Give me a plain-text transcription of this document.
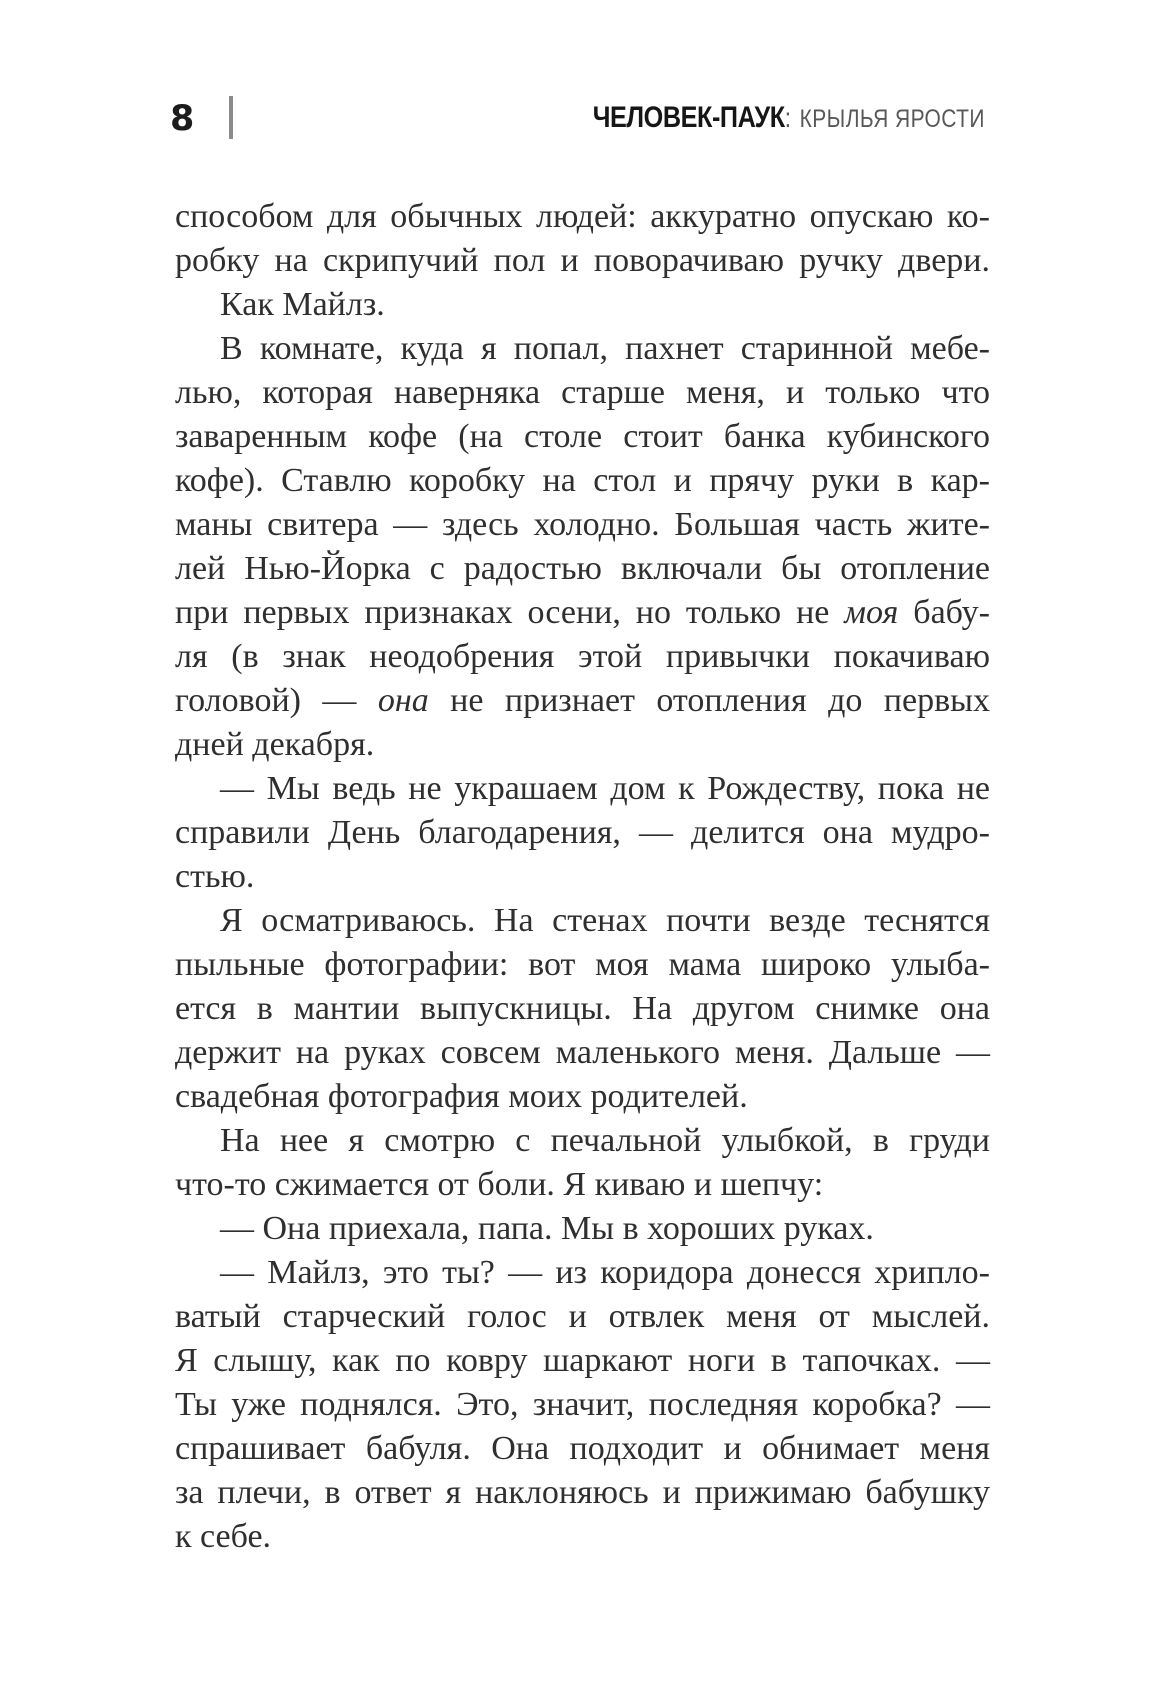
8	ЧЕЛОВЕК-ПАУК: КРЫЛЬЯ ЯРОСТИ
способом для обычных людей: аккуратно опускаю ко-
робку на скрипучий пол и поворачиваю ручку двери.
Как Майлз.
В комнате, куда я попал, пахнет старинной мебе-
лью, которая наверняка старше меня, и только что
заваренным кофе (на столе стоит банка кубинского
кофе). Ставлю коробку на стол и прячу руки в кар-
маны свитера — здесь холодно. Большая часть жите-
лей Нью-Йорка с радостью включали бы отопление
при первых признаках осени, но только не моя бабу-
ля (в знак неодобрения этой привычки покачиваю
головой) — она не признает отопления до первых
дней декабря.
— Мы ведь не украшаем дом к Рождеству, пока не
справили День благодарения, — делится она мудро-
стью.
Я осматриваюсь. На стенах почти везде теснятся
пыльные фотографии: вот моя мама широко улыба-
ется в мантии выпускницы. На другом снимке она
держит на руках совсем маленького меня. Дальше —
свадебная фотография моих родителей.
На нее я смотрю с печальной улыбкой, в груди
что-то сжимается от боли. Я киваю и шепчу:
— Она приехала, папа. Мы в хороших руках.
— Майлз, это ты? — из коридора донесся хрипло-
ватый старческий голос и отвлек меня от мыслей.
Я слышу, как по ковру шаркают ноги в тапочках. —
Ты уже поднялся. Это, значит, последняя коробка? —
спрашивает бабуля. Она подходит и обнимает меня
за плечи, в ответ я наклоняюсь и прижимаю бабушку
к себе.
